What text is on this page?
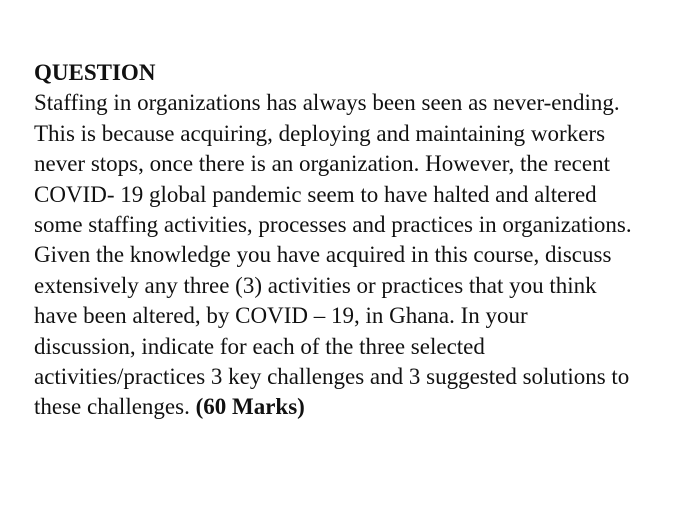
QUESTION
Staffing in organizations has always been seen as never-ending.
This is because acquiring, deploying and maintaining workers
never stops, once there is an organization. However, the recent
COVID- 19 global pandemic seem to have halted and altered
some staffing activities, processes and practices in organizations.
Given the knowledge you have acquired in this course, discuss
extensively any three (3) activities or practices that you think
have been altered, by COVID – 19, in Ghana. In your
discussion, indicate for each of the three selected
activities/practices 3 key challenges and 3 suggested solutions to
these challenges. (60 Marks)
